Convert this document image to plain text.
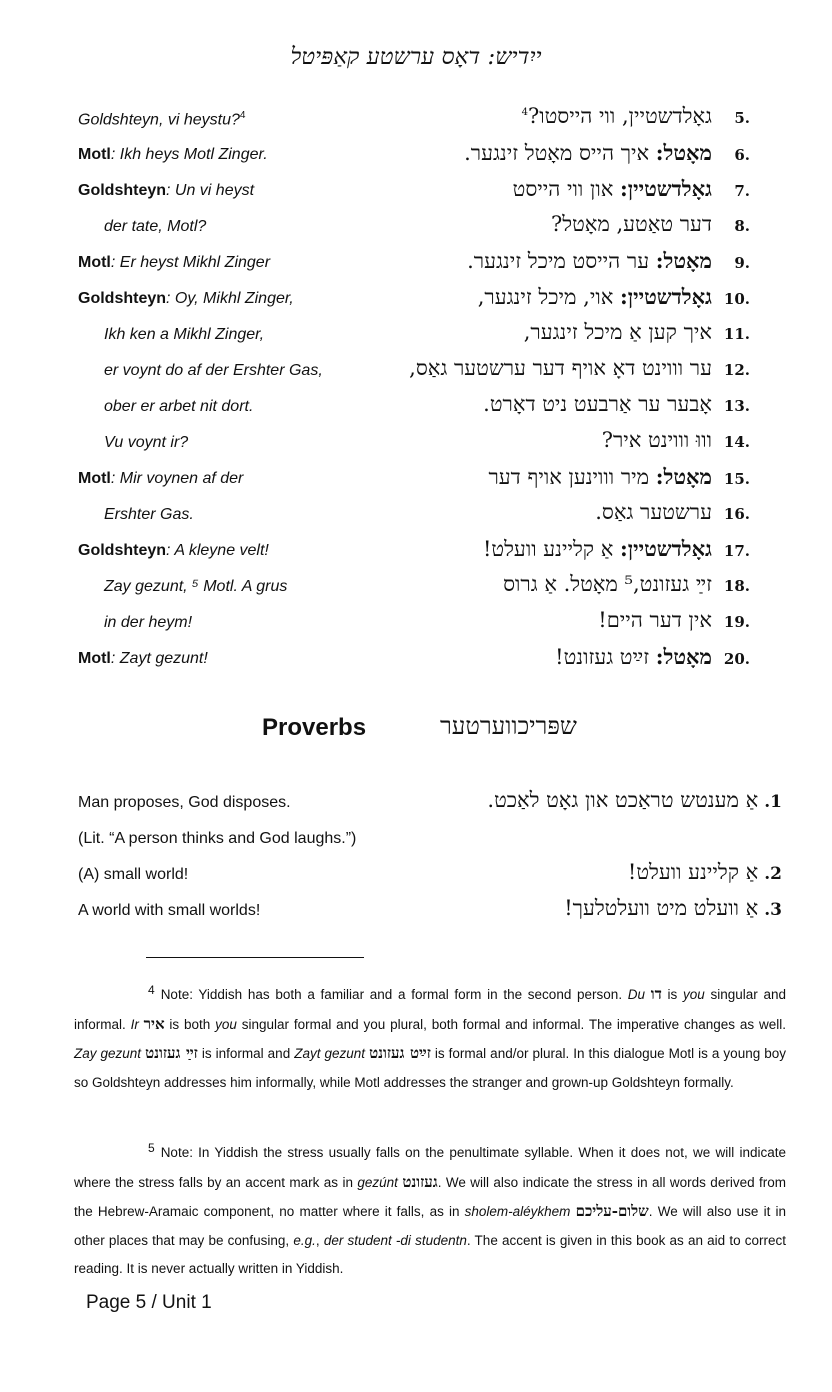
ייִדיש: דאָס ערשטע קאַפּיטל
Goldshteyn, vi heystu?$^4$	5.גאָלדשטיין, ווי הייסטו?$^4$
Motl: Ikh heys Motl Zinger.	6.מאָטל: איך הייס מאָטל זינגער.
Goldshteyn: Un vi heyst	7.גאָלדשטיין: און ווי הייסט
der tate, Motl?	8.דער טאַטע, מאָטל?
Motl: Er heyst Mikhl Zinger	9.מאָטל: ער הייסט מיכל זינגער.
Goldshteyn: Oy, Mikhl Zinger,	10.גאָלדשטיין: אוי, מיכל זינגער,
Ikh ken a Mikhl Zinger,	11.איך קען אַ מיכל זינגער,
er voynt do af der Ershter Gas,	12.ער וווינט דאָ אויף דער ערשטער גאַס,
ober er arbet nit dort.	13.אָבער ער אַרבעט ניט דאָרט.
Vu voynt ir?	14.וווּ וווינט איר?
Motl: Mir voynen af der	15.מאָטל: מיר וווינען אויף דער
Ershter Gas.	16.ערשטער גאַס.
Goldshteyn: A kleyne velt!	17.גאָלדשטיין: אַ קליינע וועלט!
Zay gezunt, ⁵ Motl. A grus	18.זײַ געזונט,⁵ מאָטל. אַ גרוס
in der heym!	19.אין דער היים!
Motl: Zayt gezunt!	20.מאָטל: זײַט געזונט!
Proverbs	שפּריכווערטער
Man proposes, God disposes.	1.אַ מענטש טראַכט און גאָט לאַכט.
(Lit. “A person thinks and God laughs.”)
(A) small world!	2.אַ קליינע וועלט!
A world with small worlds!	3.אַ וועלט מיט וועלטלעך!
4 Note: Yiddish has both a familiar and a formal form in the second person. Du דו is you singular and informal. Ir איר is both you singular formal and you plural, both formal and informal. The imperative changes as well. Zay gezunt זײַ געזונט is informal and Zayt gezunt זײַט געזונט is formal and/or plural. In this dialogue Motl is a young boy so Goldshteyn addresses him informally, while Motl addresses the stranger and grown-up Goldshteyn formally.
5 Note: In Yiddish the stress usually falls on the penultimate syllable. When it does not, we will indicate where the stress falls by an accent mark as in gezúnt געזונט. We will also indicate the stress in all words derived from the Hebrew-Aramaic component, no matter where it falls, as in sholem-aléykhem שלום-עליכם. We will also use it in other places that may be confusing, e.g., der student -di studentn. The accent is given in this book as an aid to correct reading. It is never actually written in Yiddish.
Page 5 / Unit 1
